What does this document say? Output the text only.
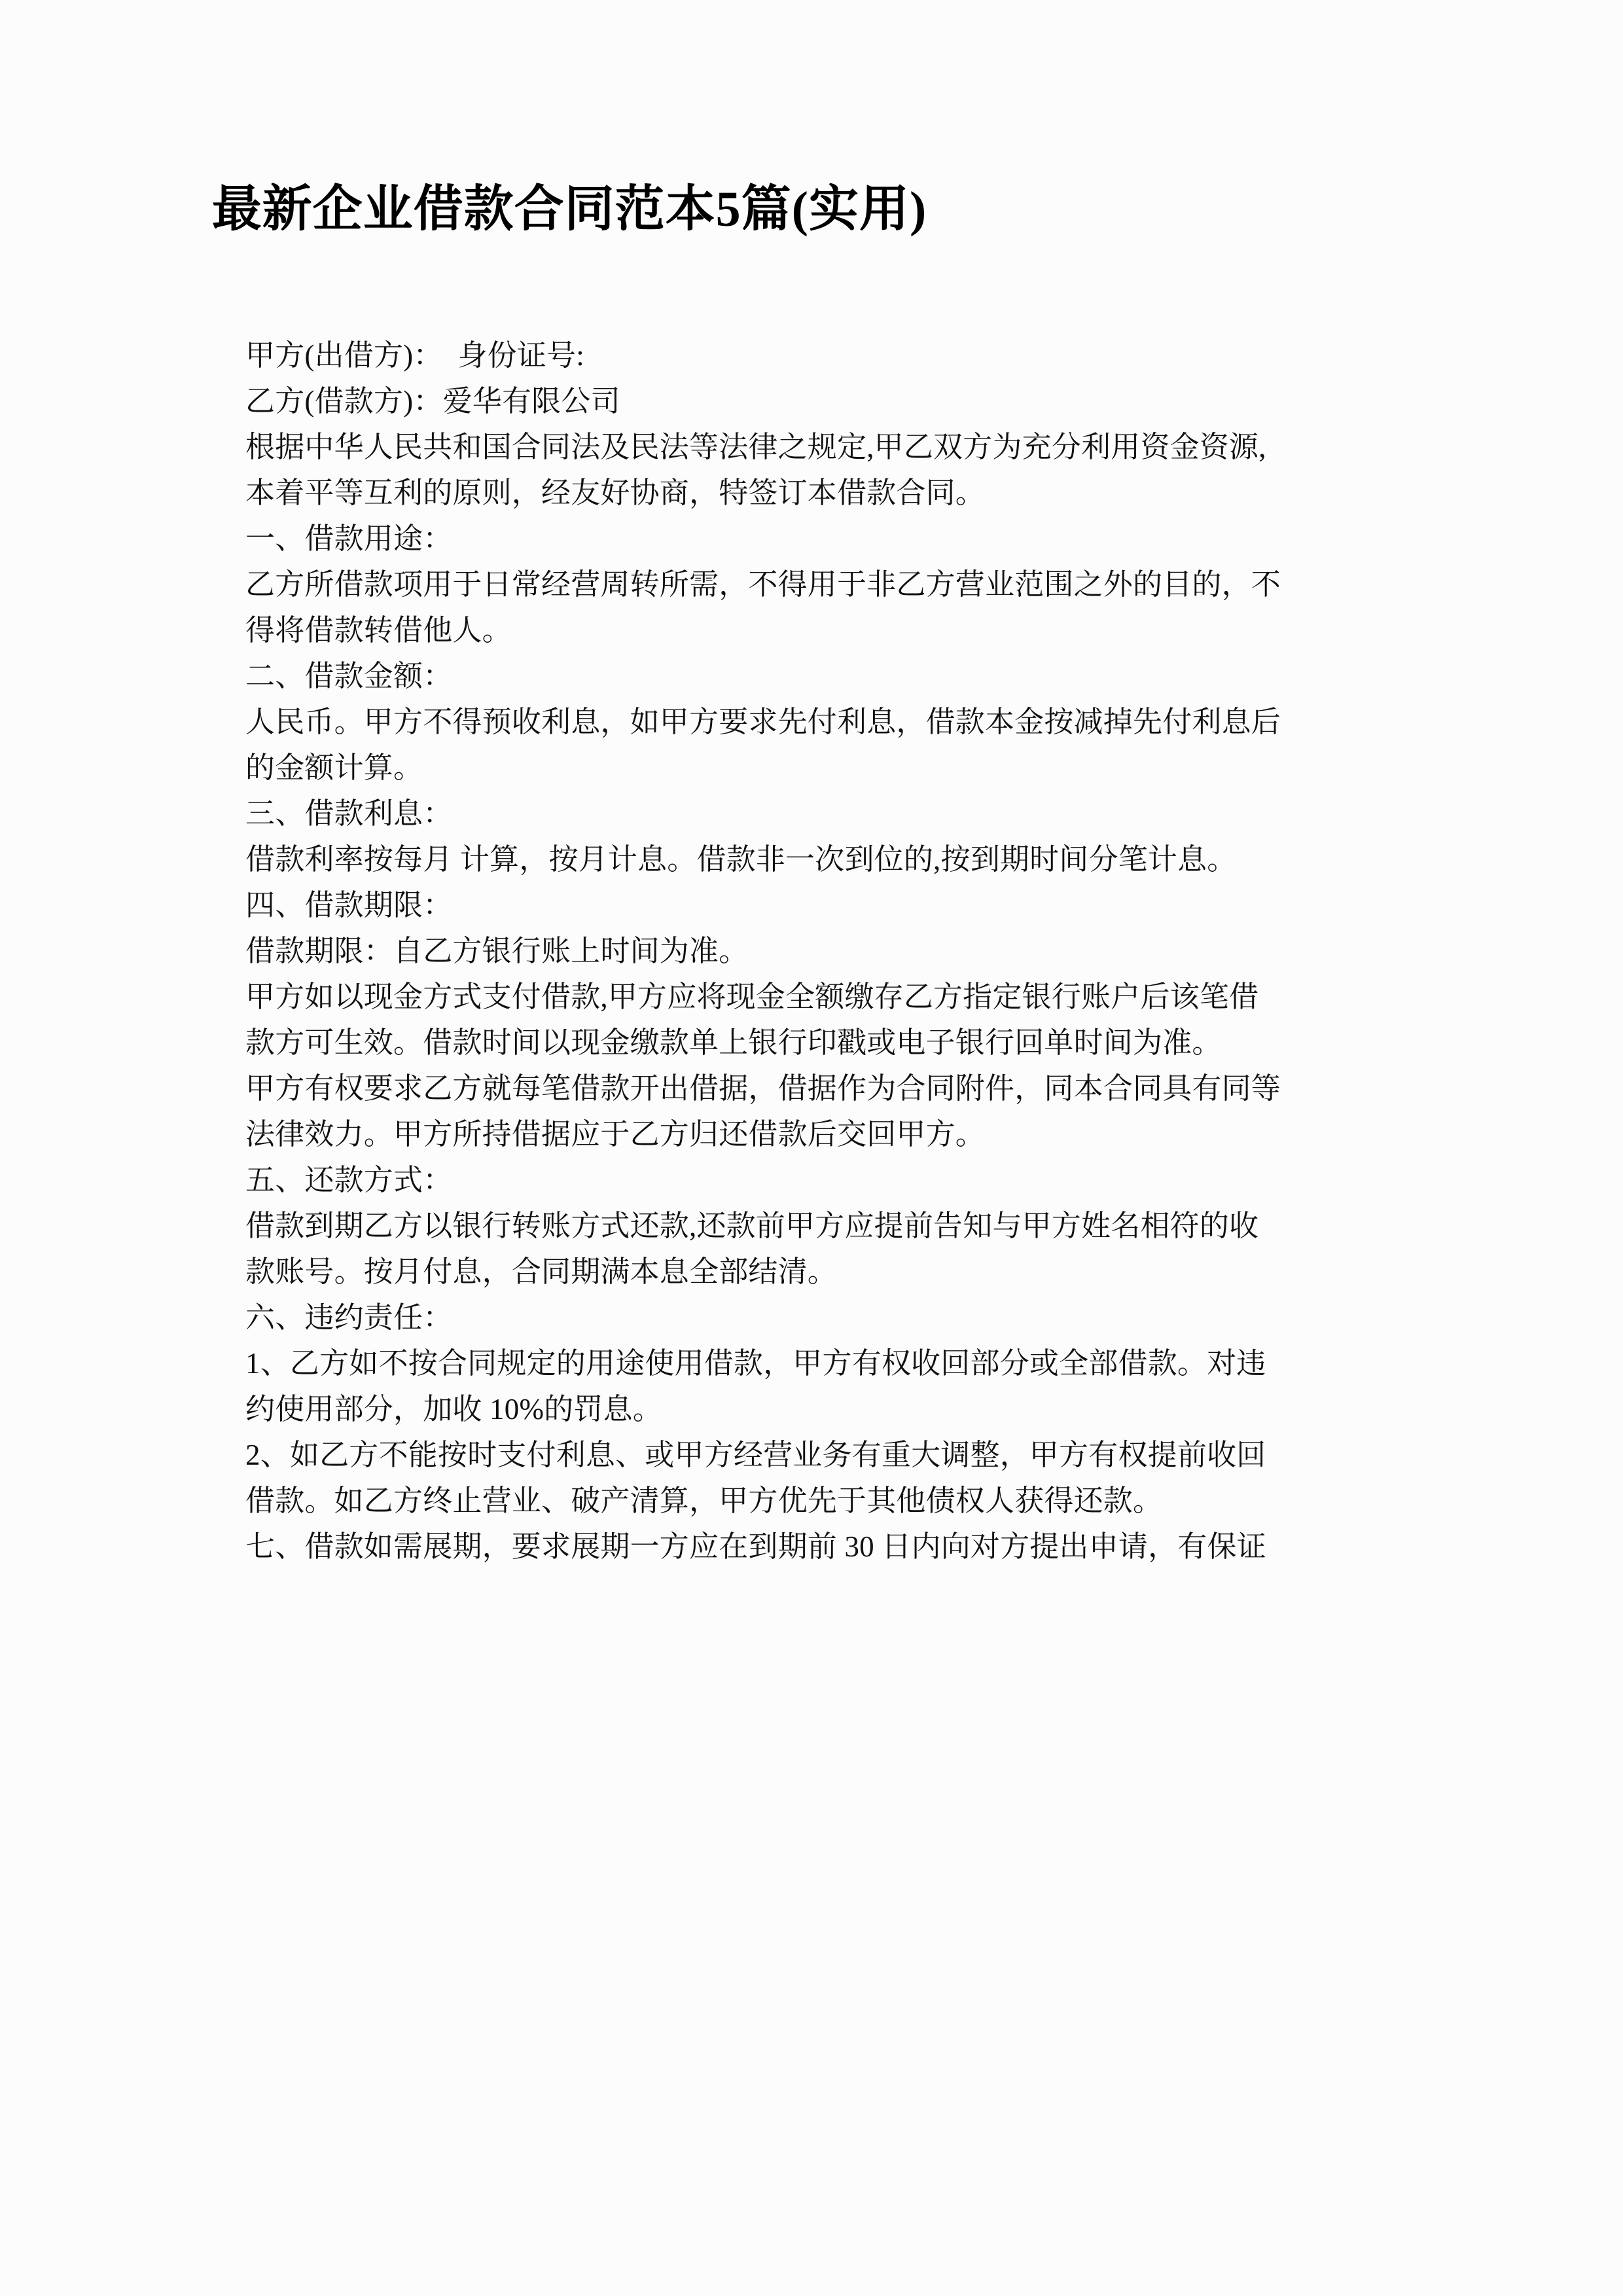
最新企业借款合同范本5篇(实用)
甲方(出借方)：  身份证号:
乙方(借款方)：爱华有限公司
根据中华人民共和国合同法及民法等法律之规定,甲乙双方为充分利用资金资源,
本着平等互利的原则，经友好协商，特签订本借款合同。
一、借款用途：
乙方所借款项用于日常经营周转所需，不得用于非乙方营业范围之外的目的，不
得将借款转借他人。
二、借款金额：
人民币。甲方不得预收利息，如甲方要求先付利息，借款本金按减掉先付利息后
的金额计算。
三、借款利息：
借款利率按每月 计算，按月计息。借款非一次到位的,按到期时间分笔计息。
四、借款期限：
借款期限：自乙方银行账上时间为准。
甲方如以现金方式支付借款,甲方应将现金全额缴存乙方指定银行账户后该笔借
款方可生效。借款时间以现金缴款单上银行印戳或电子银行回单时间为准。
甲方有权要求乙方就每笔借款开出借据，借据作为合同附件，同本合同具有同等
法律效力。甲方所持借据应于乙方归还借款后交回甲方。
五、还款方式：
借款到期乙方以银行转账方式还款,还款前甲方应提前告知与甲方姓名相符的收
款账号。按月付息，合同期满本息全部结清。
六、违约责任：
1、乙方如不按合同规定的用途使用借款，甲方有权收回部分或全部借款。对违
约使用部分，加收 10%的罚息。
2、如乙方不能按时支付利息、或甲方经营业务有重大调整，甲方有权提前收回
借款。如乙方终止营业、破产清算，甲方优先于其他债权人获得还款。
七、借款如需展期，要求展期一方应在到期前 30 日内向对方提出申请，有保证
